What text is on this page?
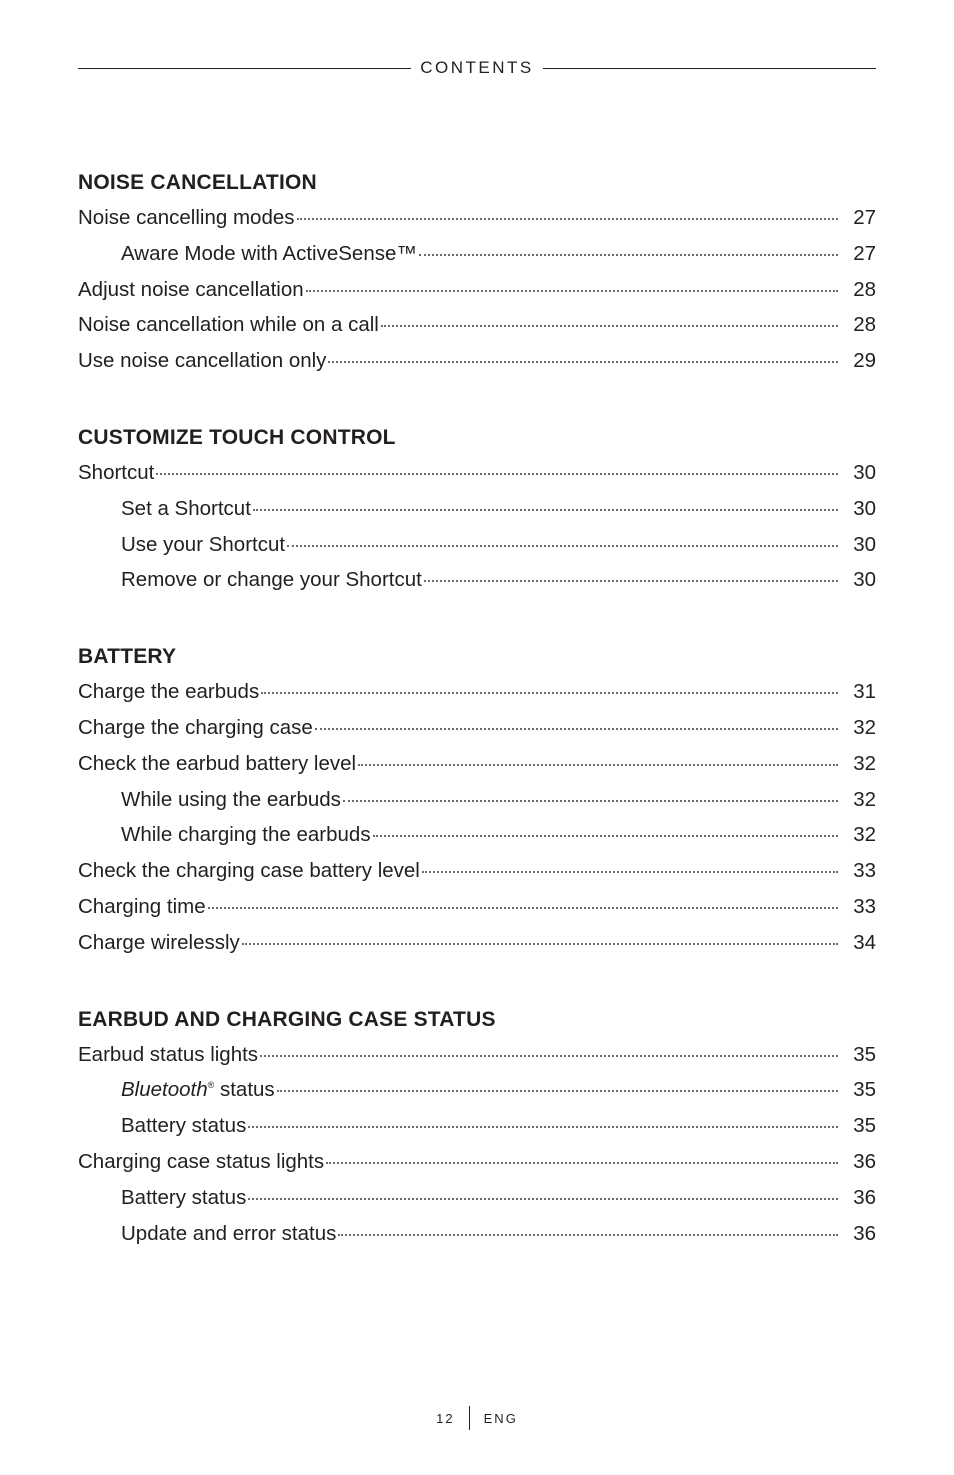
CONTENTS
NOISE CANCELLATION
Noise cancelling modes	27
Aware Mode with ActiveSense™	27
Adjust noise cancellation	28
Noise cancellation while on a call	28
Use noise cancellation only	29
CUSTOMIZE TOUCH CONTROL
Shortcut	30
Set a Shortcut	30
Use your Shortcut	30
Remove or change your Shortcut	30
BATTERY
Charge the earbuds	31
Charge the charging case	32
Check the earbud battery level	32
While using the earbuds	32
While charging the earbuds	32
Check the charging case battery level	33
Charging time	33
Charge wirelessly	34
EARBUD AND CHARGING CASE STATUS
Earbud status lights	35
Bluetooth® status	35
Battery status	35
Charging case status lights	36
Battery status	36
Update and error status	36
12 ENG
